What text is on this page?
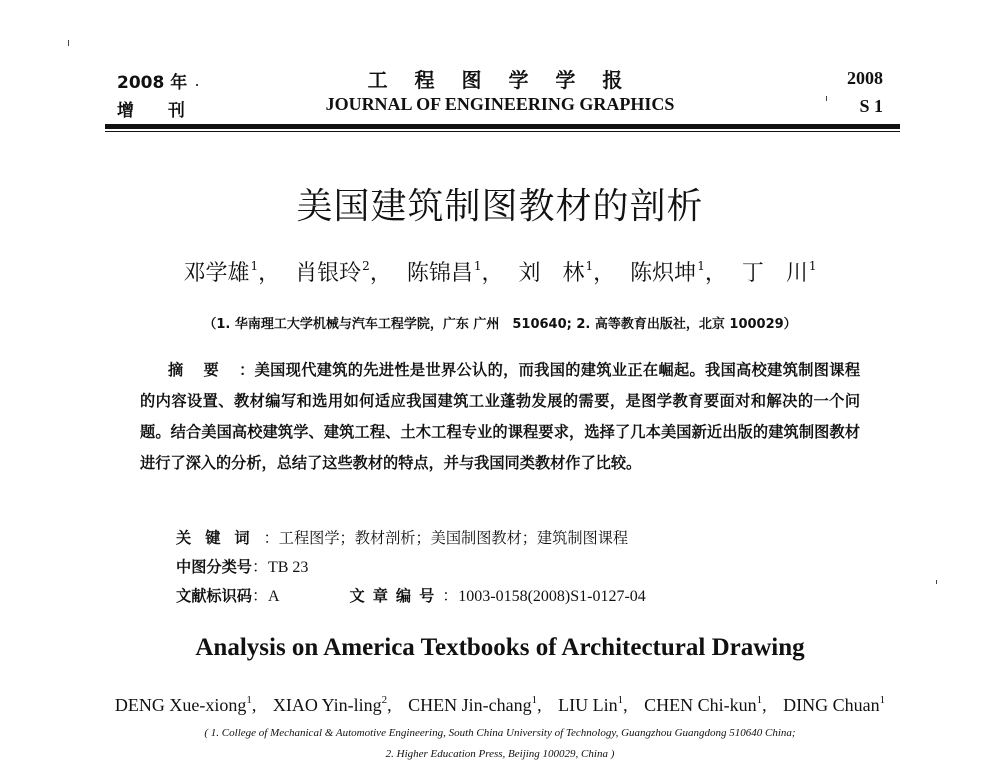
2008 年
增 刊
工 程 图 学 学 报
JOURNAL OF ENGINEERING GRAPHICS
2008
S 1
美国建筑制图教材的剖析
邓学雄$^1$， 肖银玲$^2$， 陈锦昌$^1$， 刘　林$^1$， 陈炽坤$^1$， 丁　川$^1$
（1. 华南理工大学机械与汽车工程学院，广东 广州　510640; 2. 高等教育出版社，北京 100029）
摘要：美国现代建筑的先进性是世界公认的，而我国的建筑业正在崛起。我国高校建筑制图课程的内容设置、教材编写和选用如何适应我国建筑工业蓬勃发展的需要，是图学教育要面对和解决的一个问题。结合美国高校建筑学、建筑工程、土木工程专业的课程要求，选择了几本美国新近出版的建筑制图教材进行了深入的分析，总结了这些教材的特点，并与我国同类教材作了比较。
关键词：工程图学；教材剖析；美国制图教材；建筑制图课程
中图分类号：TB 23
文献标识码：A	文章编号：1003-0158(2008)S1-0127-04
Analysis on America Textbooks of Architectural Drawing
DENG Xue-xiong$^1$, XIAO Yin-ling$^2$, CHEN Jin-chang$^1$, LIU Lin$^1$, CHEN Chi-kun$^1$, DING Chuan$^1$
( 1. College of Mechanical & Automotive Engineering, South China University of Technology, Guangzhou Guangdong 510640 China;
2. Higher Education Press, Beijing 100029, China )
